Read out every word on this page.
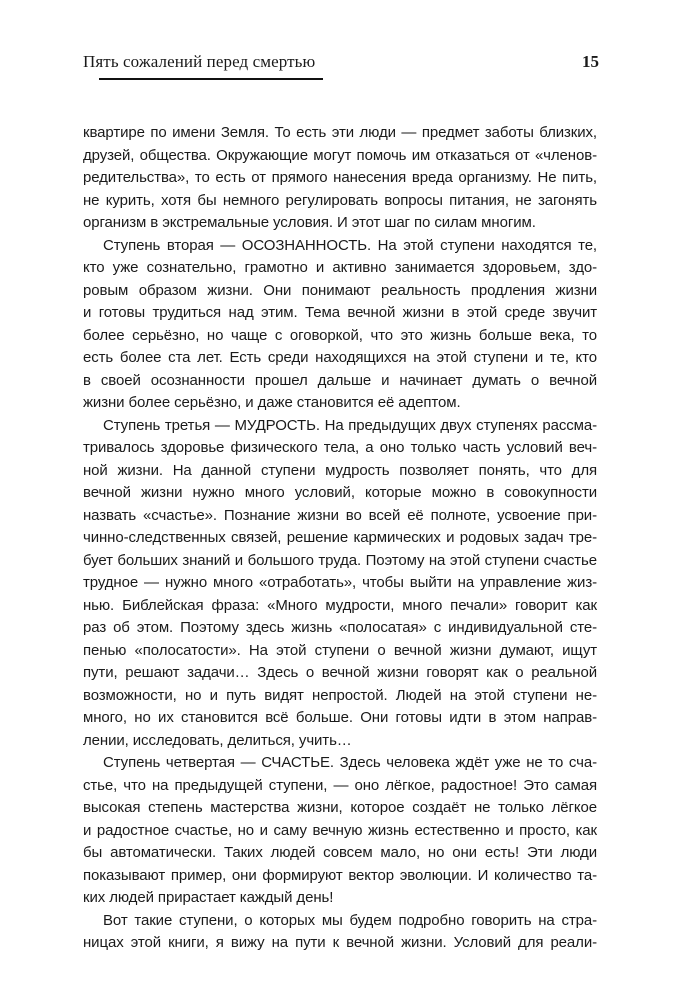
Пять сожалений перед смертью	15
квартире по имени Земля. То есть эти люди — предмет заботы близких,
друзей, общества. Окружающие могут помочь им отказаться от «членов-
редительства», то есть от прямого нанесения вреда организму. Не пить,
не курить, хотя бы немного регулировать вопросы питания, не загонять
организм в экстремальные условия. И этот шаг по силам многим.
Ступень вторая — ОСОЗНАННОСТЬ. На этой ступени находятся те,
кто уже сознательно, грамотно и активно занимается здоровьем, здо-
ровым образом жизни. Они понимают реальность продления жизни
и готовы трудиться над этим. Тема вечной жизни в этой среде звучит
более серьёзно, но чаще с оговоркой, что это жизнь больше века, то
есть более ста лет. Есть среди находящихся на этой ступени и те, кто
в своей осознанности прошел дальше и начинает думать о вечной
жизни более серьёзно, и даже становится её адептом.
Ступень третья — МУДРОСТЬ. На предыдущих двух ступенях рассма-
тривалось здоровье физического тела, а оно только часть условий веч-
ной жизни. На данной ступени мудрость позволяет понять, что для
вечной жизни нужно много условий, которые можно в совокупности
назвать «счастье». Познание жизни во всей её полноте, усвоение при-
чинно-следственных связей, решение кармических и родовых задач тре-
бует больших знаний и большого труда. Поэтому на этой ступени счастье
трудное — нужно много «отработать», чтобы выйти на управление жиз-
нью. Библейская фраза: «Много мудрости, много печали» говорит как
раз об этом. Поэтому здесь жизнь «полосатая» с индивидуальной сте-
пенью «полосатости». На этой ступени о вечной жизни думают, ищут
пути, решают задачи… Здесь о вечной жизни говорят как о реальной
возможности, но и путь видят непростой. Людей на этой ступени не-
много, но их становится всё больше. Они готовы идти в этом направ-
лении, исследовать, делиться, учить…
Ступень четвертая — СЧАСТЬЕ. Здесь человека ждёт уже не то сча-
стье, что на предыдущей ступени, — оно лёгкое, радостное! Это самая
высокая степень мастерства жизни, которое создаёт не только лёгкое
и радостное счастье, но и саму вечную жизнь естественно и просто, как
бы автоматически. Таких людей совсем мало, но они есть! Эти люди
показывают пример, они формируют вектор эволюции. И количество та-
ких людей прирастает каждый день!
Вот такие ступени, о которых мы будем подробно говорить на стра-
ницах этой книги, я вижу на пути к вечной жизни. Условий для реали-
